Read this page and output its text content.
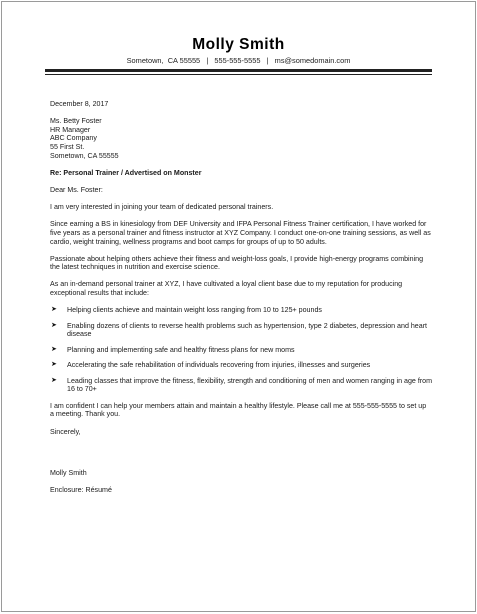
Molly Smith
Sometown,  CA 55555   |   555-555-5555   |   ms@somedomain.com

December 8, 2017

Ms. Betty Foster
HR Manager
ABC Company
55 First St.
Sometown, CA 55555

Re: Personal Trainer / Advertised on Monster

Dear Ms. Foster:

I am very interested in joining your team of dedicated personal trainers.

Since earning a BS in kinesiology from DEF University and IFPA Personal Fitness Trainer certification, I have worked for five years as a personal trainer and fitness instructor at XYZ Company. I conduct one-on-one training sessions, as well as cardio, weight training, wellness programs and boot camps for groups of up to 50 adults.

Passionate about helping others achieve their fitness and weight-loss goals, I provide high-energy programs combining the latest techniques in nutrition and exercise science.

As an in-demand personal trainer at XYZ, I have cultivated a loyal client base due to my reputation for producing exceptional results that include:

➤ Helping clients achieve and maintain weight loss ranging from 10 to 125+ pounds
➤ Enabling dozens of clients to reverse health problems such as hypertension, type 2 diabetes, depression and heart disease
➤ Planning and implementing safe and healthy fitness plans for new moms
➤ Accelerating the safe rehabilitation of individuals recovering from injuries, illnesses and surgeries
➤ Leading classes that improve the fitness, flexibility, strength and conditioning of men and women ranging in age from 16 to 70+

I am confident I can help your members attain and maintain a healthy lifestyle. Please call me at 555-555-5555 to set up a meeting. Thank you.

Sincerely,

Molly Smith

Enclosure: Résumé
